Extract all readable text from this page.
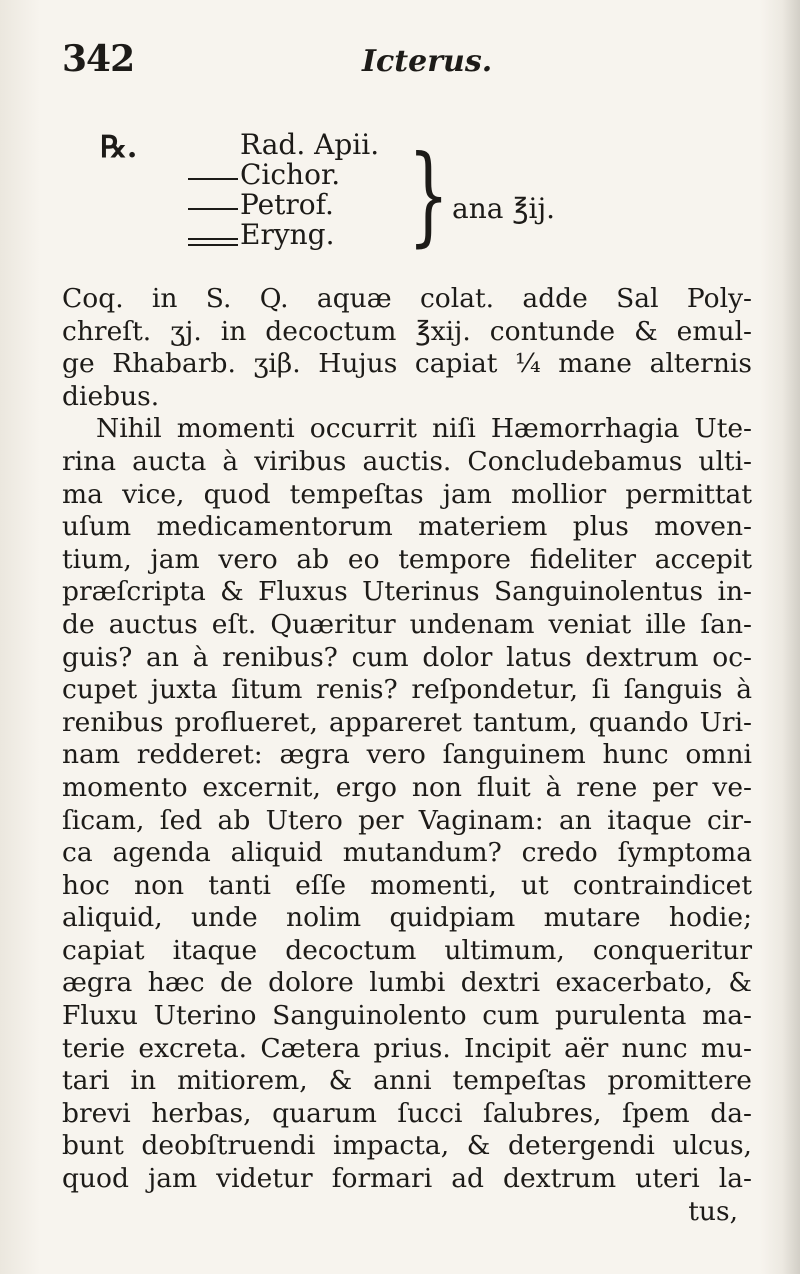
342	Icterus.
℞.	Rad. Apii.
Cichor.
Petrof.
Eryng. } ana ℥ij.
Coq. in S. Q. aquæ colat. adde Sal Poly-
chreſt. ʒj. in decoctum ℥xij. contunde & emul-
ge Rhabarb. ʒiβ. Hujus capiat ¼ mane alternis
diebus.
Nihil momenti occurrit niſi Hæmorrhagia Ute-
rina aucta à viribus auctis. Concludebamus ulti-
ma vice, quod tempeſtas jam mollior permittat
uſum medicamentorum materiem plus moven-
tium, jam vero ab eo tempore fideliter accepit
præſcripta & Fluxus Uterinus Sanguinolentus in-
de auctus eſt. Quæritur undenam veniat ille ſan-
guis? an à renibus? cum dolor latus dextrum oc-
cupet juxta ſitum renis? reſpondetur, ſi ſanguis à
renibus proflueret, appareret tantum, quando Uri-
nam redderet: ægra vero ſanguinem hunc omni
momento excernit, ergo non fluit à rene per ve-
ſicam, ſed ab Utero per Vaginam: an itaque cir-
ca agenda aliquid mutandum? credo ſymptoma
hoc non tanti eſſe momenti, ut contraindicet
aliquid, unde nolim quidpiam mutare hodie;
capiat itaque decoctum ultimum, conqueritur
ægra hæc de dolore lumbi dextri exacerbato, &
Fluxu Uterino Sanguinolento cum purulenta ma-
terie excreta. Cætera prius. Incipit aër nunc mu-
tari in mitiorem, & anni tempeſtas promittere
brevi herbas, quarum ſucci ſalubres, ſpem da-
bunt deobſtruendi impacta, & detergendi ulcus,
quod jam videtur formari ad dextrum uteri la-
tus,
